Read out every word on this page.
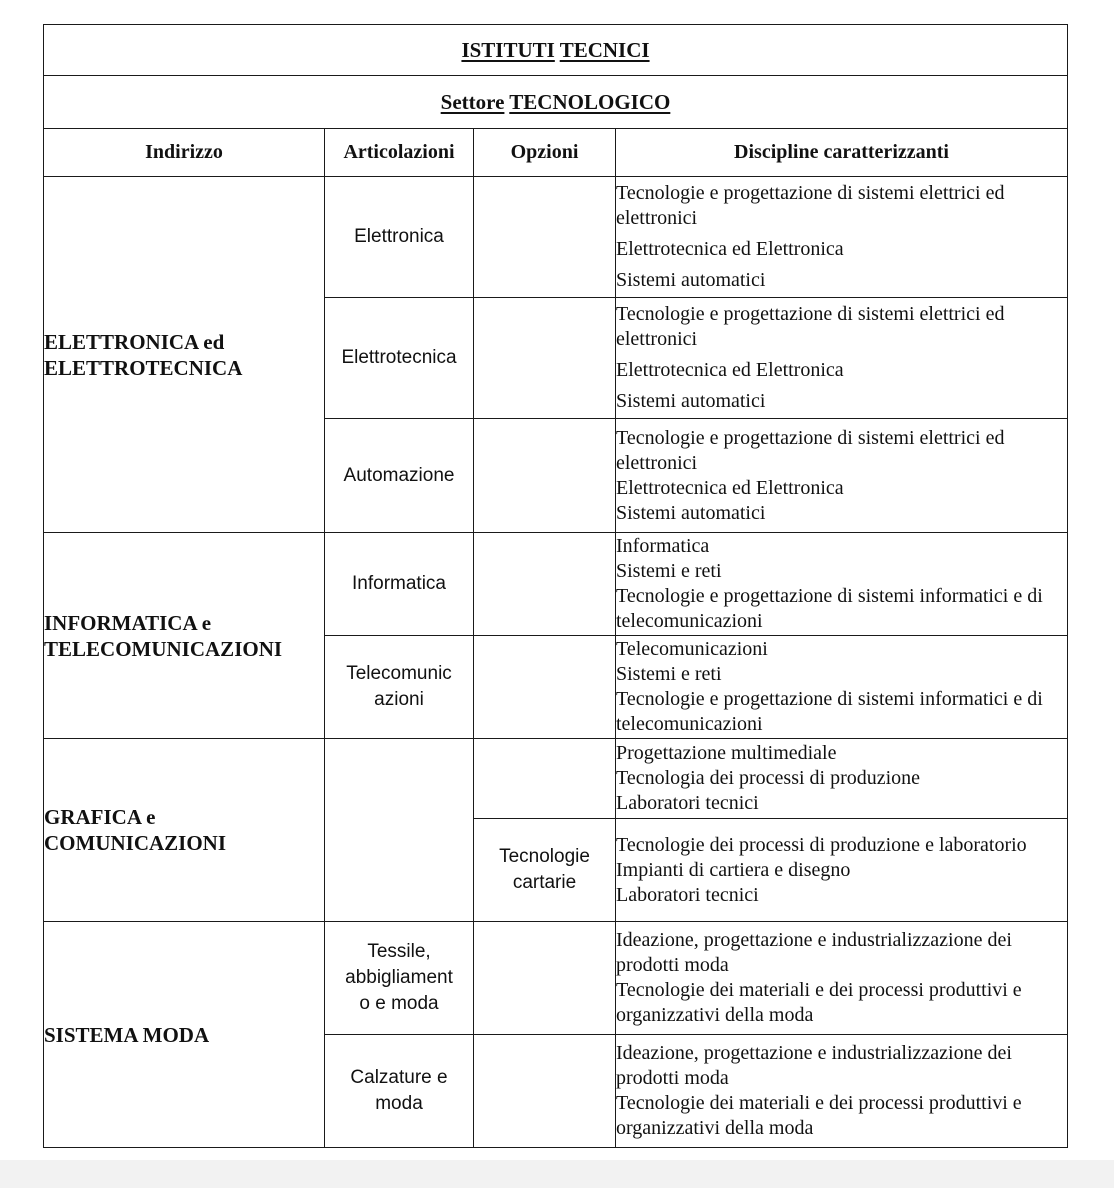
ISTITUTI TECNICI			
Settore TECNOLOGICO			
Indirizzo	Articolazioni	Opzioni	Discipline caratterizzanti
ELETTRONICA ed
ELETTROTECNICA	Elettronica		Tecnologie e progettazione di sistemi elettrici ed elettronici
Elettrotecnica ed Elettronica
Sistemi automatici

	Elettrotecnica		Tecnologie e progettazione di sistemi elettrici ed elettronici
Elettrotecnica ed Elettronica
Sistemi automatici

	Automazione		Tecnologie e progettazione di sistemi elettrici ed elettronici
Elettrotecnica ed Elettronica
Sistemi automatici

INFORMATICA e
TELECOMUNICAZIONI	Informatica		Informatica
Sistemi e reti
Tecnologie e progettazione di sistemi informatici e di telecomunicazioni

	Telecomunic
azioni		Telecomunicazioni
Sistemi e reti
Tecnologie e progettazione di sistemi informatici e di telecomunicazioni

GRAFICA e
COMUNICAZIONI			Progettazione multimediale
Tecnologia dei processi di produzione
Laboratori tecnici

		Tecnologie
cartarie	Tecnologie dei processi di produzione e laboratorio
Impianti di cartiera e disegno
Laboratori tecnici

SISTEMA MODA	Tessile,
abbigliament
o e moda		Ideazione, progettazione e industrializzazione dei prodotti moda
Tecnologie dei materiali e dei processi produttivi e organizzativi della moda

	Calzature e
moda		Ideazione, progettazione e industrializzazione dei prodotti moda
Tecnologie dei materiali e dei processi produttivi e organizzativi della moda
